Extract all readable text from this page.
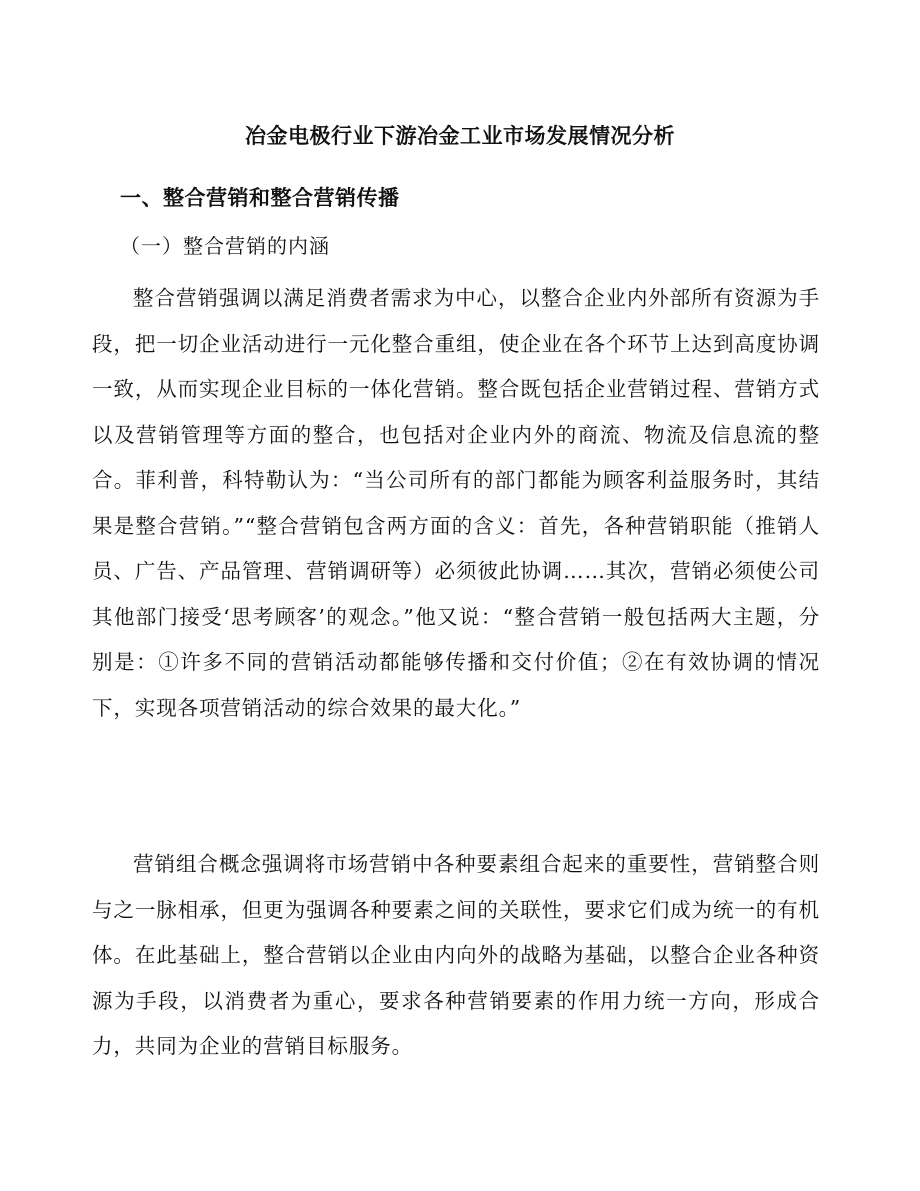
冶金电极行业下游冶金工业市场发展情况分析
一、整合营销和整合营销传播
（一）整合营销的内涵

整合营销强调以满足消费者需求为中心，以整合企业内外部所有资源为手段，把一切企业活动进行一元化整合重组，使企业在各个环节上达到高度协调一致，从而实现企业目标的一体化营销。整合既包括企业营销过程、营销方式以及营销管理等方面的整合，也包括对企业内外的商流、物流及信息流的整合。菲利普，科特勒认为：“当公司所有的部门都能为顾客利益服务时，其结果是整合营销。”“整合营销包含两方面的含义：首先，各种营销职能（推销人员、广告、产品管理、营销调研等）必须彼此协调……其次，营销必须使公司其他部门接受‘思考顾客’的观念。”他又说：“整合营销一般包括两大主题，分别是：①许多不同的营销活动都能够传播和交付价值；②在有效协调的情况下，实现各项营销活动的综合效果的最大化。”

营销组合概念强调将市场营销中各种要素组合起来的重要性，营销整合则与之一脉相承，但更为强调各种要素之间的关联性，要求它们成为统一的有机体。在此基础上，整合营销以企业由内向外的战略为基础，以整合企业各种资源为手段，以消费者为重心，要求各种营销要素的作用力统一方向，形成合力，共同为企业的营销目标服务。
